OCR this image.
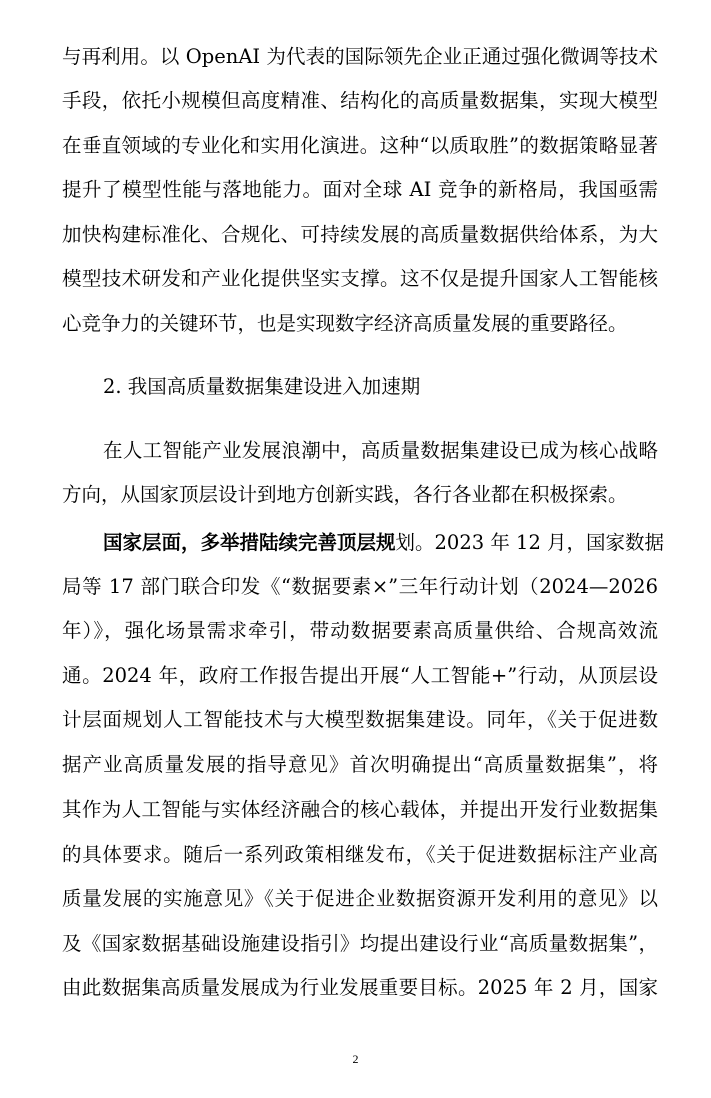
与再利用。以 OpenAI 为代表的国际领先企业正通过强化微调等技术
手段，依托小规模但高度精准、结构化的高质量数据集，实现大模型
在垂直领域的专业化和实用化演进。这种“以质取胜”的数据策略显著
提升了模型性能与落地能力。面对全球 AI 竞争的新格局，我国亟需
加快构建标准化、合规化、可持续发展的高质量数据供给体系，为大
模型技术研发和产业化提供坚实支撑。这不仅是提升国家人工智能核
心竞争力的关键环节，也是实现数字经济高质量发展的重要路径。
2. 我国高质量数据集建设进入加速期
在人工智能产业发展浪潮中，高质量数据集建设已成为核心战略
方向，从国家顶层设计到地方创新实践，各行各业都在积极探索。
国家层面，多举措陆续完善顶层规划。2023 年 12 月，国家数据
局等 17 部门联合印发《“数据要素×”三年行动计划（2024—2026
年）》，强化场景需求牵引，带动数据要素高质量供给、合规高效流
通。2024 年，政府工作报告提出开展“人工智能+”行动，从顶层设
计层面规划人工智能技术与大模型数据集建设。同年，《关于促进数
据产业高质量发展的指导意见》首次明确提出“高质量数据集”，将
其作为人工智能与实体经济融合的核心载体，并提出开发行业数据集
的具体要求。随后一系列政策相继发布，《关于促进数据标注产业高
质量发展的实施意见》《关于促进企业数据资源开发利用的意见》以
及《国家数据基础设施建设指引》均提出建设行业“高质量数据集”，
由此数据集高质量发展成为行业发展重要目标。2025 年 2 月，国家
2
